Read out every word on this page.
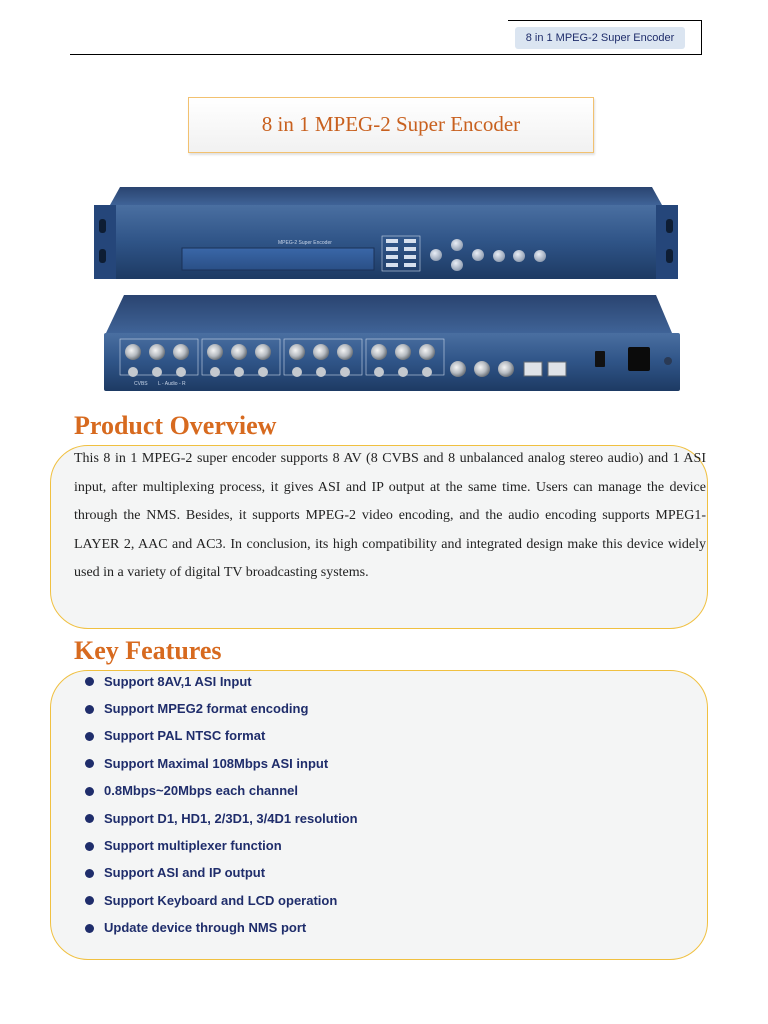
8 in 1 MPEG-2 Super Encoder
8 in 1 MPEG-2 Super Encoder
MPEG-2 Super Encoder
CVBS L - Audio - R
Product Overview
This 8 in 1 MPEG-2 super encoder supports 8 AV (8 CVBS and 8 unbalanced analog stereo audio) and 1 ASI input, after multiplexing process, it gives ASI and IP output at the same time. Users can manage the device through the NMS. Besides, it supports MPEG-2 video encoding, and the audio encoding supports MPEG1-LAYER 2, AAC and AC3. In conclusion, its high compatibility and integrated design make this device widely used in a variety of digital TV broadcasting systems.
Key Features
Support 8AV,1 ASI Input
Support MPEG2 format encoding
Support PAL NTSC format
Support Maximal 108Mbps ASI input
0.8Mbps~20Mbps each channel
Support D1, HD1, 2/3D1, 3/4D1 resolution
Support multiplexer function
Support ASI and IP output
Support Keyboard and LCD operation
Update device through NMS port
